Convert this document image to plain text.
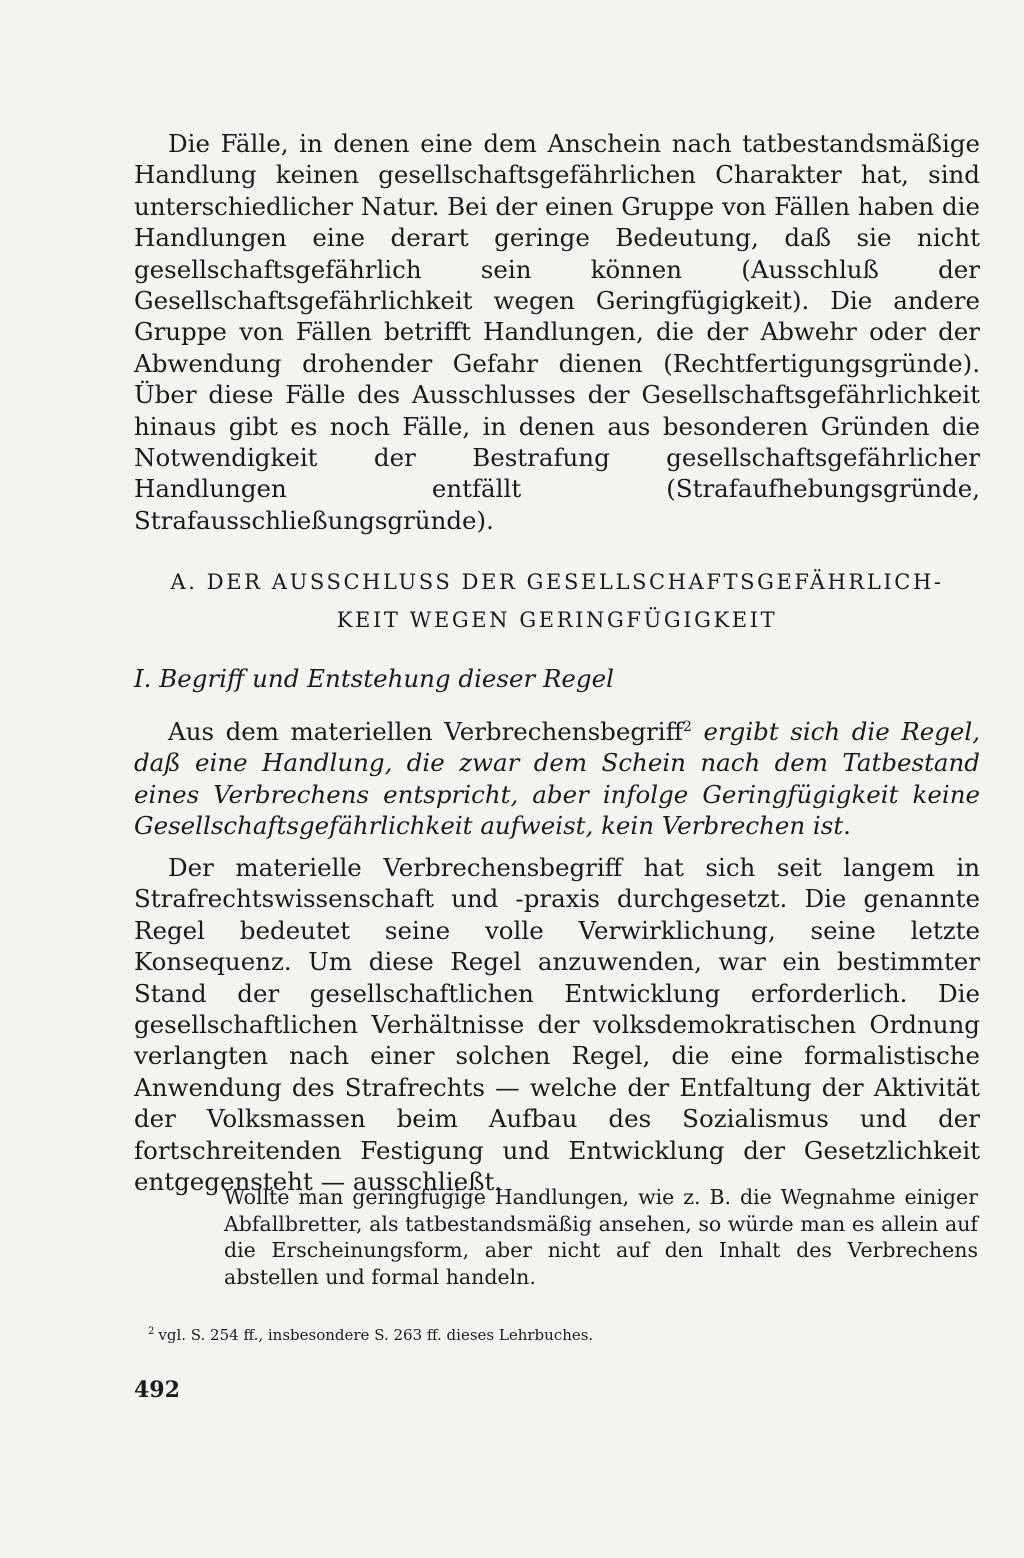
Die Fälle, in denen eine dem Anschein nach tatbestandsmäßige Handlung keinen gesellschaftsgefährlichen Charakter hat, sind unterschiedlicher Natur. Bei der einen Gruppe von Fällen haben die Handlungen eine derart geringe Bedeutung, daß sie nicht gesellschaftsgefährlich sein können (Ausschluß der Gesellschaftsgefährlichkeit wegen Geringfügigkeit). Die andere Gruppe von Fällen betrifft Handlungen, die der Abwehr oder der Abwendung drohender Gefahr dienen (Rechtfertigungsgründe). Über diese Fälle des Ausschlusses der Gesellschaftsgefährlichkeit hinaus gibt es noch Fälle, in denen aus besonderen Gründen die Notwendigkeit der Bestrafung gesellschaftsgefährlicher Handlungen entfällt (Strafaufhebungsgründe, Strafausschließungsgründe).

A. DER AUSSCHLUSS DER GESELLSCHAFTSGEFÄHRLICH-
KEIT WEGEN GERINGFÜGIGKEIT
I. Begriff und Entstehung dieser Regel

Aus dem materiellen Verbrechensbegriff$^2$ ergibt sich die Regel, daß eine Handlung, die zwar dem Schein nach dem Tatbestand eines Verbrechens entspricht, aber infolge Geringfügigkeit keine Gesellschaftsgefährlichkeit aufweist, kein Verbrechen ist.

Der materielle Verbrechensbegriff hat sich seit langem in Strafrechtswissenschaft und -praxis durchgesetzt. Die genannte Regel bedeutet seine volle Verwirklichung, seine letzte Konsequenz. Um diese Regel anzuwenden, war ein bestimmter Stand der gesellschaftlichen Entwicklung erforderlich. Die gesellschaftlichen Verhältnisse der volksdemokratischen Ordnung verlangten nach einer solchen Regel, die eine formalistische Anwendung des Strafrechts — welche der Entfaltung der Aktivität der Volksmassen beim Aufbau des Sozialismus und der fortschreitenden Festigung und Entwicklung der Gesetzlichkeit entgegensteht — ausschließt.

Wollte man geringfügige Handlungen, wie z. B. die Wegnahme einiger Abfallbretter, als tatbestandsmäßig ansehen, so würde man es allein auf die Erscheinungsform, aber nicht auf den Inhalt des Verbrechens abstellen und formal handeln.

$^2$ vgl. S. 254 ff., insbesondere S. 263 ff. dieses Lehrbuches.
492
